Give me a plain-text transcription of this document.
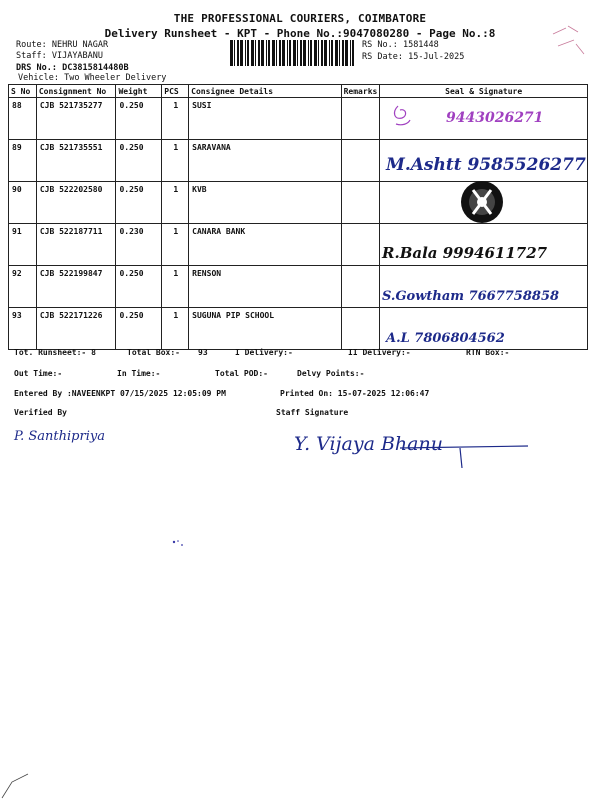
THE PROFESSIONAL COURIERS, COIMBATORE
Delivery Runsheet - KPT - Phone No.:9047080280 - Page No.:8
Route: NEHRU NAGAR
Staff: VIJAYABANU
DRS No.: DC3815814480B
Vehicle: Two Wheeler Delivery
RS No.: 1581448
RS Date: 15-Jul-2025
S No	Consignment No	Weight	PCS	Consignee Details	Remarks	Seal & Signature
88	CJB 521735277	0.250	1	SUSI		9443026271

89	CJB 521735551	0.250	1	SARAVANA		M.Ashtt 9585526277

90	CJB 522202580	0.250	1	KVB		

91	CJB 522187711	0.230	1	CANARA BANK		R.Bala 9994611727

92	CJB 522199847	0.250	1	RENSON		S.Gowtham 7667758858

93	CJB 522171226	0.250	1	SUGUNA PIP SCHOOL		A.L 7806804562
Tot. Runsheet:- 8	Total Box:- 93	I Delivery:-	II Delivery:-	RTN Box:-
Out Time:-	In Time:-	Total POD:-	Delvy Points:-
Entered By :NAVEENKPT 07/15/2025 12:05:09 PM	Printed On: 15-07-2025 12:06:47
Verified By	Staff Signature
P. Santhipriya	Y. Vijaya Bhanu
